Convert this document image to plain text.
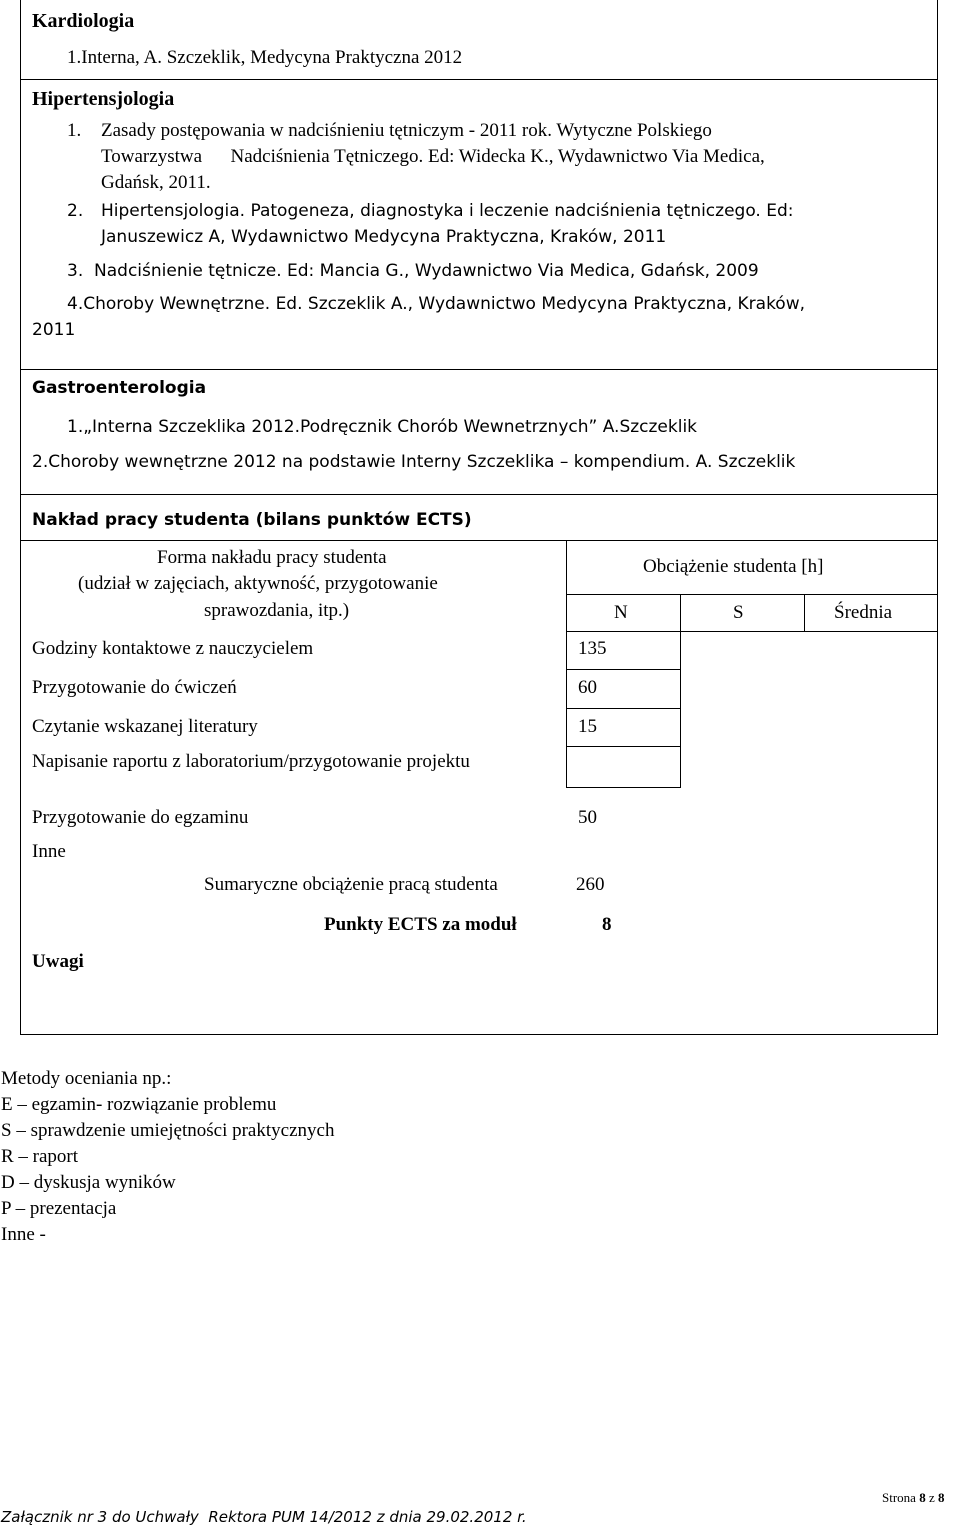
Kardiologia
1.Interna, A. Szczeklik, Medycyna Praktyczna 2012
Hipertensjologia
1. Zasady postępowania w nadciśnieniu tętniczym - 2011 rok. Wytyczne Polskiego
Towarzystwa      Nadciśnienia Tętniczego. Ed: Widecka K., Wydawnictwo Via Medica,
Gdańsk, 2011.
2. Hipertensjologia. Patogeneza, diagnostyka i leczenie nadciśnienia tętniczego. Ed:
Januszewicz A, Wydawnictwo Medycyna Praktyczna, Kraków, 2011
3.  Nadciśnienie tętnicze. Ed: Mancia G., Wydawnictwo Via Medica, Gdańsk, 2009
4.Choroby Wewnętrzne. Ed. Szczeklik A., Wydawnictwo Medycyna Praktyczna, Kraków,
2011
Gastroenterologia
1.„Interna Szczeklika 2012.Podręcznik Chorób Wewnetrznych” A.Szczeklik
2.Choroby wewnętrzne 2012 na podstawie Interny Szczeklika – kompendium. A. Szczeklik
Nakład pracy studenta (bilans punktów ECTS)
Forma nakładu pracy studenta
(udział w zajęciach, aktywność, przygotowanie
sprawozdania, itp.)
Obciążenie studenta [h]
N	S	Średnia
Godziny kontaktowe z nauczycielem	135
Przygotowanie do ćwiczeń	60
Czytanie wskazanej literatury	15
Napisanie raportu z laboratorium/przygotowanie projektu
Przygotowanie do egzaminu	50
Inne
Sumaryczne obciążenie pracą studenta	260
Punkty ECTS za moduł	8
Uwagi
Metody oceniania np.:
E – egzamin- rozwiązanie problemu
S – sprawdzenie umiejętności praktycznych
R – raport
D – dyskusja wyników
P – prezentacja
Inne -
Strona 8 z 8
Załącznik nr 3 do Uchwały  Rektora PUM 14/2012 z dnia 29.02.2012 r.
